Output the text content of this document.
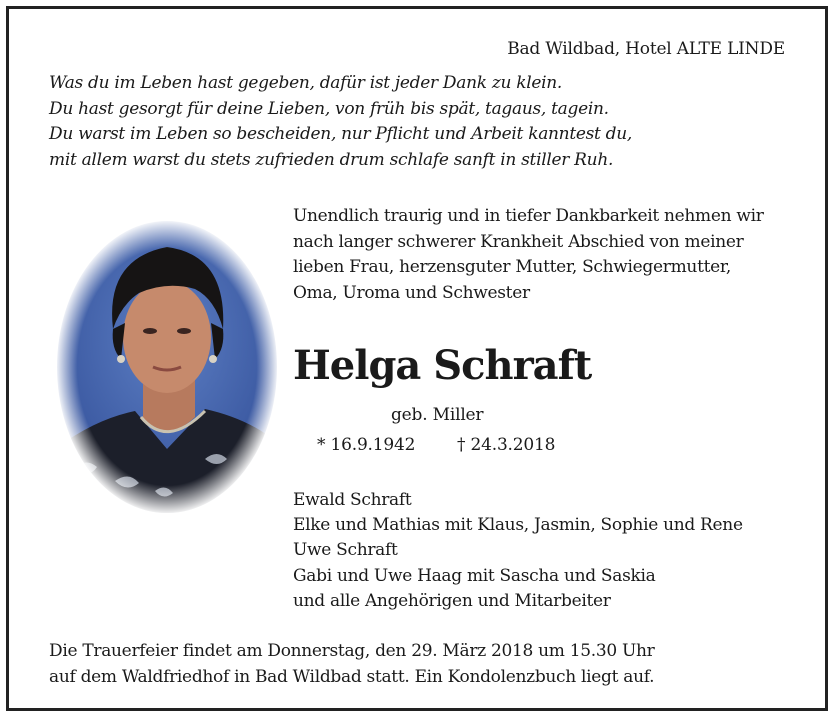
Bad Wildbad, Hotel ALTE LINDE
Was du im Leben hast gegeben, dafür ist jeder Dank zu klein.
Du hast gesorgt für deine Lieben, von früh bis spät, tagaus, tagein.
Du warst im Leben so bescheiden, nur Pflicht und Arbeit kanntest du,
mit allem warst du stets zufrieden drum schlafe sanft in stiller Ruh.
Unendlich traurig und in tiefer Dankbarkeit nehmen wir
nach langer schwerer Krankheit Abschied von meiner
lieben Frau, herzensguter Mutter, Schwiegermutter,
Oma, Uroma und Schwester
Helga Schraft
geb. Miller
* 16.9.1942 † 24.3.2018
Ewald Schraft
Elke und Mathias mit Klaus, Jasmin, Sophie und Rene
Uwe Schraft
Gabi und Uwe Haag mit Sascha und Saskia
und alle Angehörigen und Mitarbeiter
Die Trauerfeier findet am Donnerstag, den 29. März 2018 um 15.30 Uhr
auf dem Waldfriedhof in Bad Wildbad statt. Ein Kondolenzbuch liegt auf.
